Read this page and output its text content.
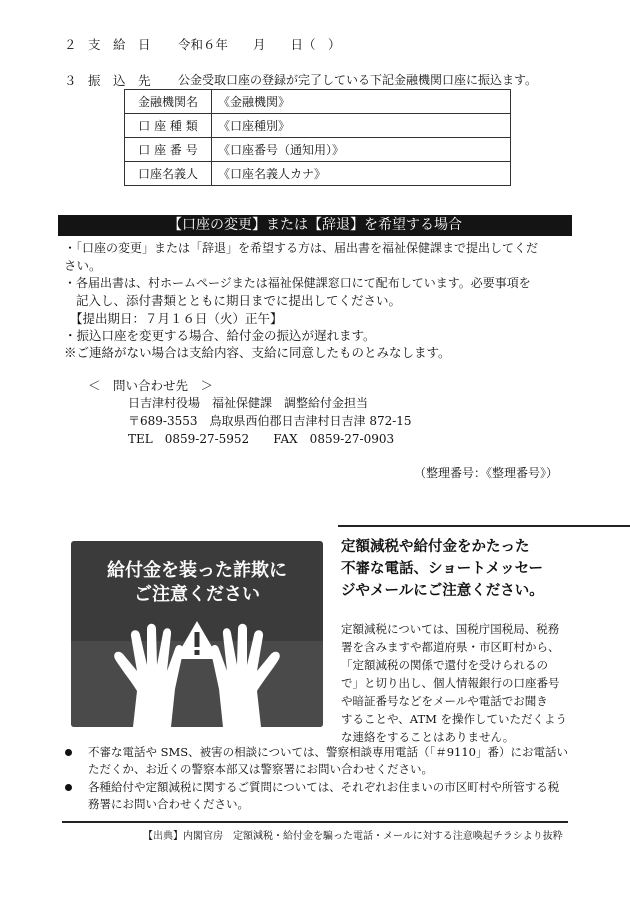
２ 支　給　日 令和６年　　月　　日（　）
３ 振　込　先 公金受取口座の登録が完了している下記金融機関口座に振込ます。
金融機関名	《金融機関》
口 座 種 類	《口座種別》
口 座 番 号	《口座番号（通知用）》
口座名義人	《口座名義人カナ》
【口座の変更】または【辞退】を希望する場合
・「口座の変更」または「辞退」を希望する方は、届出書を福祉保健課まで提出してくだ
さい。
・各届出書は、村ホームページまたは福祉保健課窓口にて配布しています。必要事項を
記入し、添付書類とともに期日までに提出してください。
【提出期日：７月１６日（火）正午】
・振込口座を変更する場合、給付金の振込が遅れます。
※ご連絡がない場合は支給内容、支給に同意したものとみなします。
＜　問い合わせ先　＞
日吉津村役場　福祉保健課　調整給付金担当
〒689-3553　鳥取県西伯郡日吉津村日吉津 872-15
TEL　0859-27-5952　　FAX　0859-27-0903
（整理番号：《整理番号》）
給付金を装った詐欺に
ご注意ください
定額減税や給付金をかたった
不審な電話、ショートメッセー
ジやメールにご注意ください。
定額減税については、国税庁国税局、税務
署を含みますや都道府県・市区町村から、
「定額減税の関係で還付を受けられるの
で」と切り出し、個人情報銀行の口座番号
や暗証番号などをメールや電話でお聞き
することや、ATM を操作していただくよう
な連絡をすることはありません。
不審な電話や SMS、被害の相談については、警察相談専用電話（「＃9110」番）にお電話い
ただくか、お近くの警察本部又は警察署にお問い合わせください。
各種給付や定額減税に関するご質問については、それぞれお住まいの市区町村や所管する税
務署にお問い合わせください。
【出典】内閣官房　定額減税・給付金を騙った電話・メールに対する注意喚起チラシより抜粋
